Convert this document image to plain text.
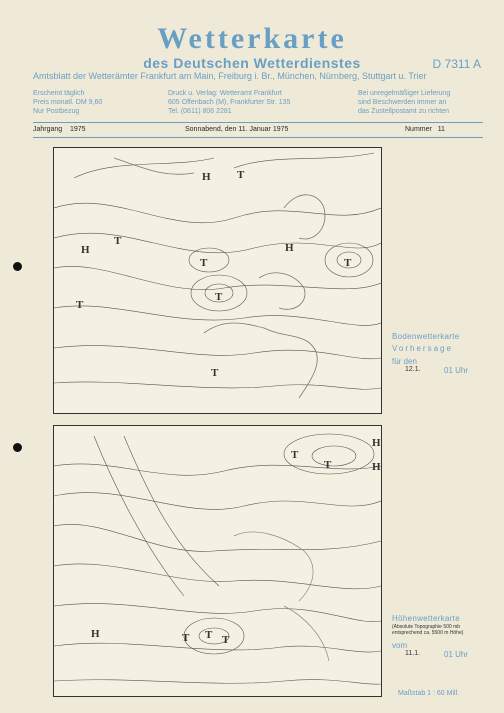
Wetterkarte
des Deutschen Wetterdienstes	D 7311 A
Amtsblatt der Wetterämter Frankfurt am Main, Freiburg i. Br., München, Nürnberg, Stuttgart u. Trier
Erscheint täglich
Preis monatl. DM 9,60
Nur Postbezug
Druck u. Verlag: Wetteramt Frankfurt
605 Offenbach (M), Frankfurter Str. 135
Tel. (0611) 806 2281
Bei unregelmäßiger Lieferung
sind Beschwerden immer an
das Zustellpostamt zu richten
Jahrgang 1975	Sonnabend, den 11. Januar 1975	Nummer 11
H
H	H
T
T
T
T
T
T
T
Bodenwetterkarte
Vorhersage
für den
12.1.	01 Uhr
H
H
H
T
T
T T T
Höhenwetterkarte
(Absolute Topographie 500 mb
entsprechend ca. 5500 m Höhe)
vom
11.1.	01 Uhr
Maßstab 1 : 60 Mill.
